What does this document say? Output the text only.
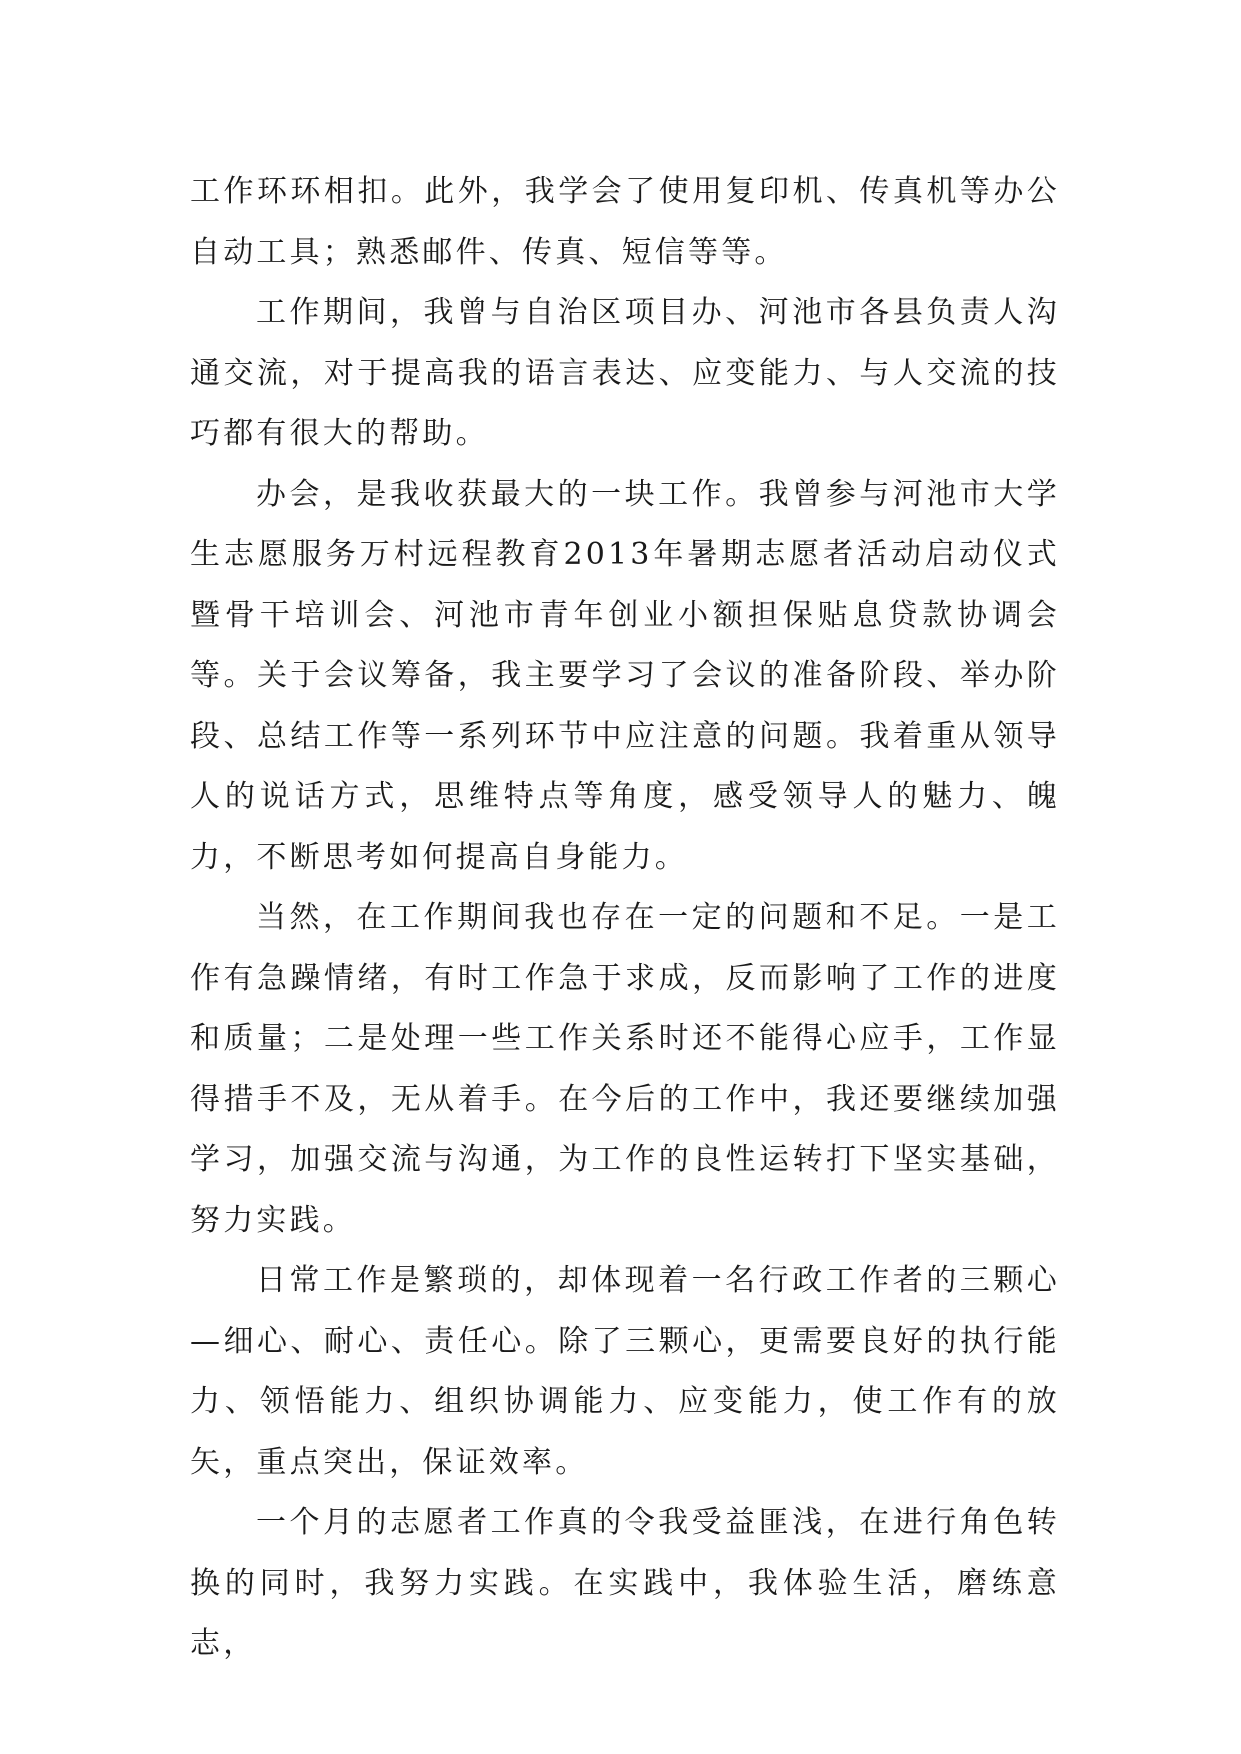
工作环环相扣。此外，我学会了使用复印机、传真机等办公自动工具；熟悉邮件、传真、短信等等。

工作期间，我曾与自治区项目办、河池市各县负责人沟通交流，对于提高我的语言表达、应变能力、与人交流的技巧都有很大的帮助。

办会，是我收获最大的一块工作。我曾参与河池市大学生志愿服务万村远程教育2013年暑期志愿者活动启动仪式暨骨干培训会、河池市青年创业小额担保贴息贷款协调会等。关于会议筹备，我主要学习了会议的准备阶段、举办阶段、总结工作等一系列环节中应注意的问题。我着重从领导人的说话方式，思维特点等角度，感受领导人的魅力、魄力，不断思考如何提高自身能力。

当然，在工作期间我也存在一定的问题和不足。一是工作有急躁情绪，有时工作急于求成，反而影响了工作的进度和质量；二是处理一些工作关系时还不能得心应手，工作显得措手不及，无从着手。在今后的工作中，我还要继续加强学习，加强交流与沟通，为工作的良性运转打下坚实基础，努力实践。

日常工作是繁琐的，却体现着一名行政工作者的三颗心—细心、耐心、责任心。除了三颗心，更需要良好的执行能力、领悟能力、组织协调能力、应变能力，使工作有的放矢，重点突出，保证效率。

一个月的志愿者工作真的令我受益匪浅，在进行角色转换的同时，我努力实践。在实践中，我体验生活，磨练意志，
